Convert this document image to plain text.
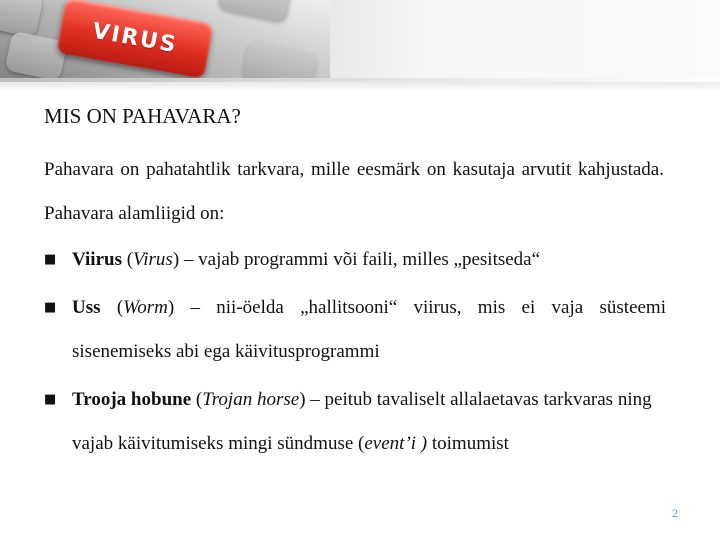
VIRUS
MIS ON PAHAVARA?

Pahavara on pahatahtlik tarkvara, mille eesmärk on kasutaja arvutit kahjustada. Pahavara alamliigid on:

■ Viirus (Virus) – vajab programmi või faili, milles „pesitseda“
■ Uss (Worm) – nii-öelda „hallitsooni“ viirus, mis ei vaja süsteemi sisenemiseks abi ega käivitusprogrammi
■ Trooja hobune (Trojan horse) – peitub tavaliselt allalaetavas tarkvaras ning vajab käivitumiseks mingi sündmuse (event’i ) toimumist
2
